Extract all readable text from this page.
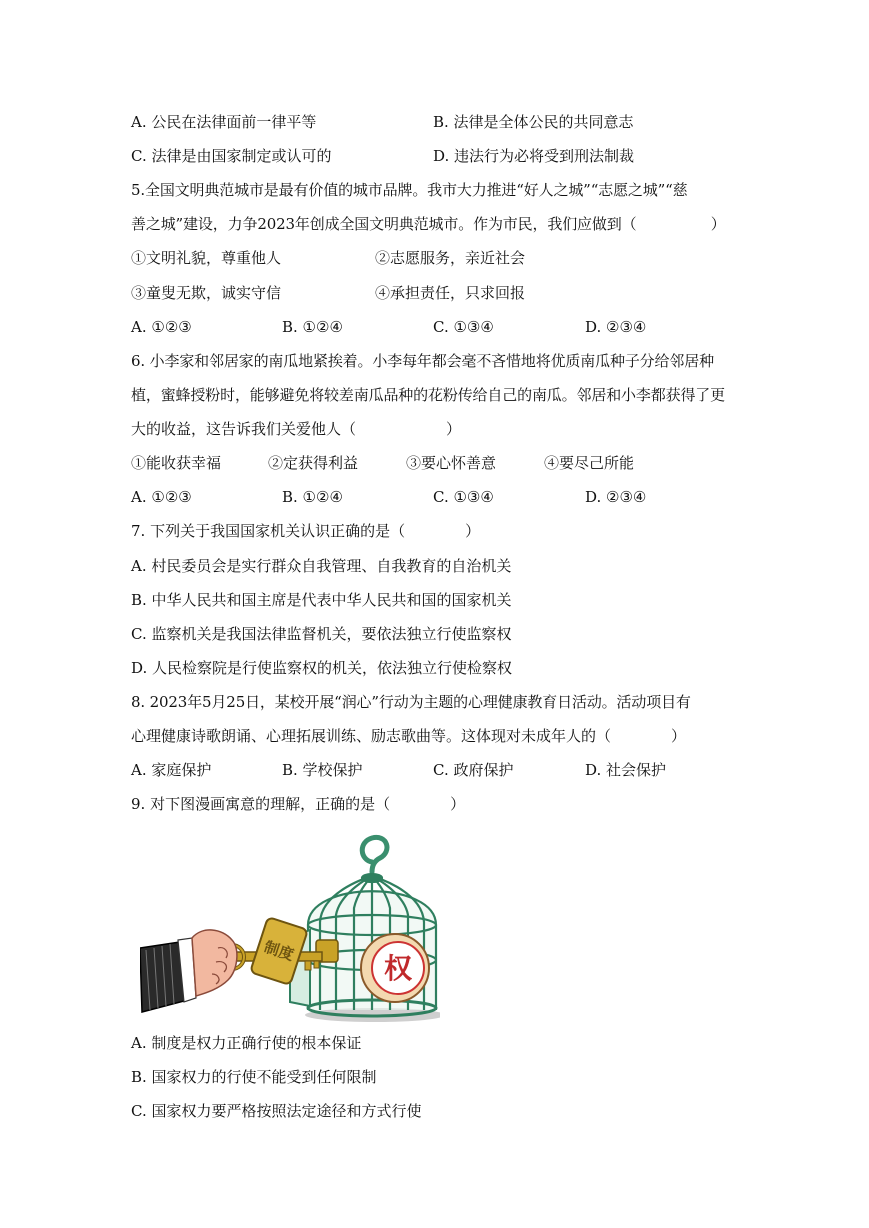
A. 公民在法律面前一律平等	B. 法律是全体公民的共同意志
C. 法律是由国家制定或认可的	D. 违法行为必将受到刑法制裁
5.全国文明典范城市是最有价值的城市品牌。我市大力推进“好人之城”“志愿之城”“慈
善之城”建设，力争2023年创成全国文明典范城市。作为市民，我们应做到（　　　　　）
①文明礼貌，尊重他人	②志愿服务，亲近社会
③童叟无欺，诚实守信	④承担责任，只求回报
A. ①②③	B. ①②④	C. ①③④	D. ②③④
6. 小李家和邻居家的南瓜地紧挨着。小李每年都会毫不吝惜地将优质南瓜种子分给邻居种
植，蜜蜂授粉时，能够避免将较差南瓜品种的花粉传给自己的南瓜。邻居和小李都获得了更
大的收益，这告诉我们关爱他人（　　　　　　）
①能收获幸福	②定获得利益	③要心怀善意	④要尽己所能
A. ①②③	B. ①②④	C. ①③④	D. ②③④
7. 下列关于我国国家机关认识正确的是（　　　　）
A. 村民委员会是实行群众自我管理、自我教育的自治机关
B. 中华人民共和国主席是代表中华人民共和国的国家机关
C. 监察机关是我国法律监督机关，要依法独立行使监察权
D. 人民检察院是行使监察权的机关，依法独立行使检察权
8. 2023年5月25日，某校开展“润心”行动为主题的心理健康教育日活动。活动项目有
心理健康诗歌朗诵、心理拓展训练、励志歌曲等。这体现对未成年人的（　　　　）
A. 家庭保护	B. 学校保护	C. 政府保护	D. 社会保护
9. 对下图漫画寓意的理解，正确的是（　　　　）
权
制度
A. 制度是权力正确行使的根本保证
B. 国家权力的行使不能受到任何限制
C. 国家权力要严格按照法定途径和方式行使
